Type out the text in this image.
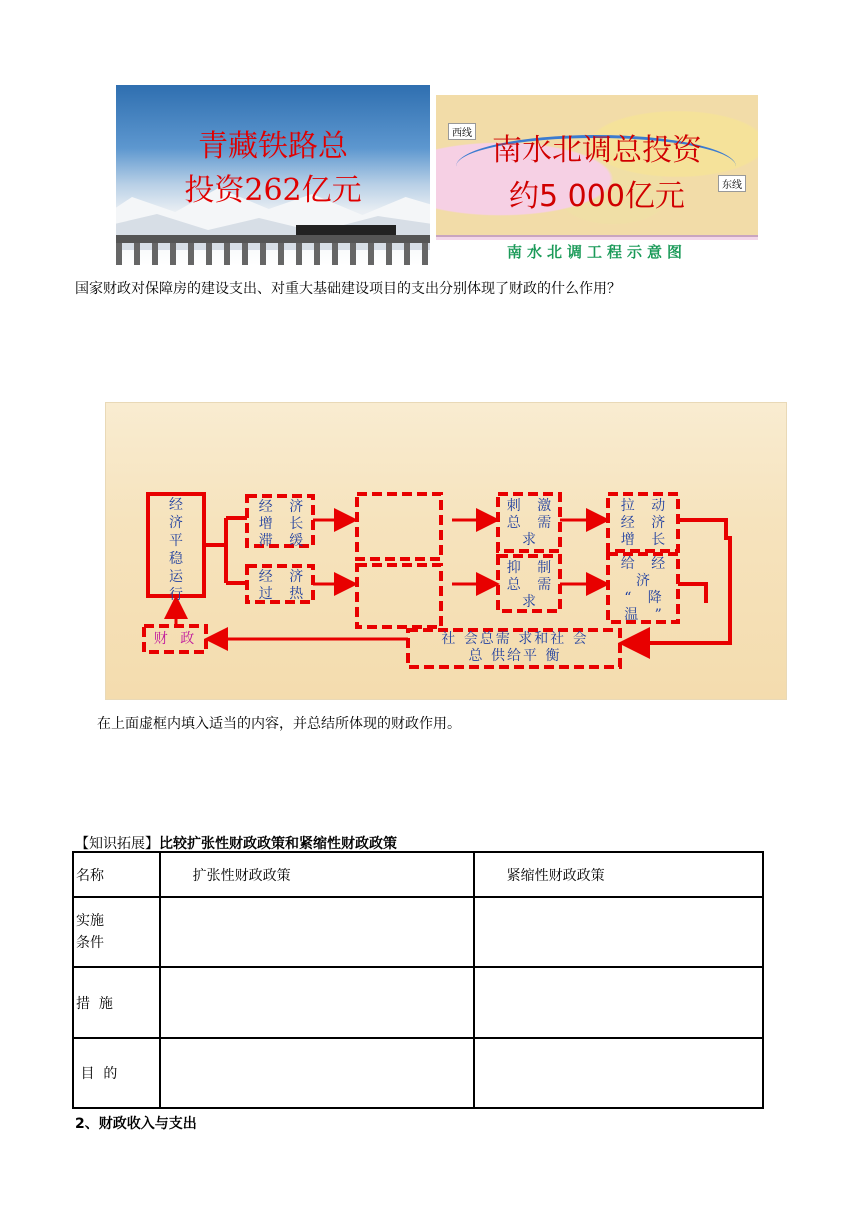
青藏铁路总
投资262亿元
西线
东线
南水北调总投资
约5 000亿元
南水北调工程示意图
国家财政对保障房的建设支出、对重大基础建设项目的支出分别体现了财政的什么作用？
经
济
平
稳
运
行
经 济
增 长
滞 缓
经 济
过 热
刺 激
总 需
求
抑 制
总 需
求
拉 动
经 济
增 长
给 经
济
“ 降
温 ”
财 政	社 会总需 求和社 会
总 供给平 衡
在上面虚框内填入适当的内容，并总结所体现的财政作用。
【知识拓展】比较扩张性财政政策和紧缩性财政政策
名称	扩张性财政政策	紧缩性财政政策
实施
条件		
措  施		
目  的		
2、财政收入与支出
